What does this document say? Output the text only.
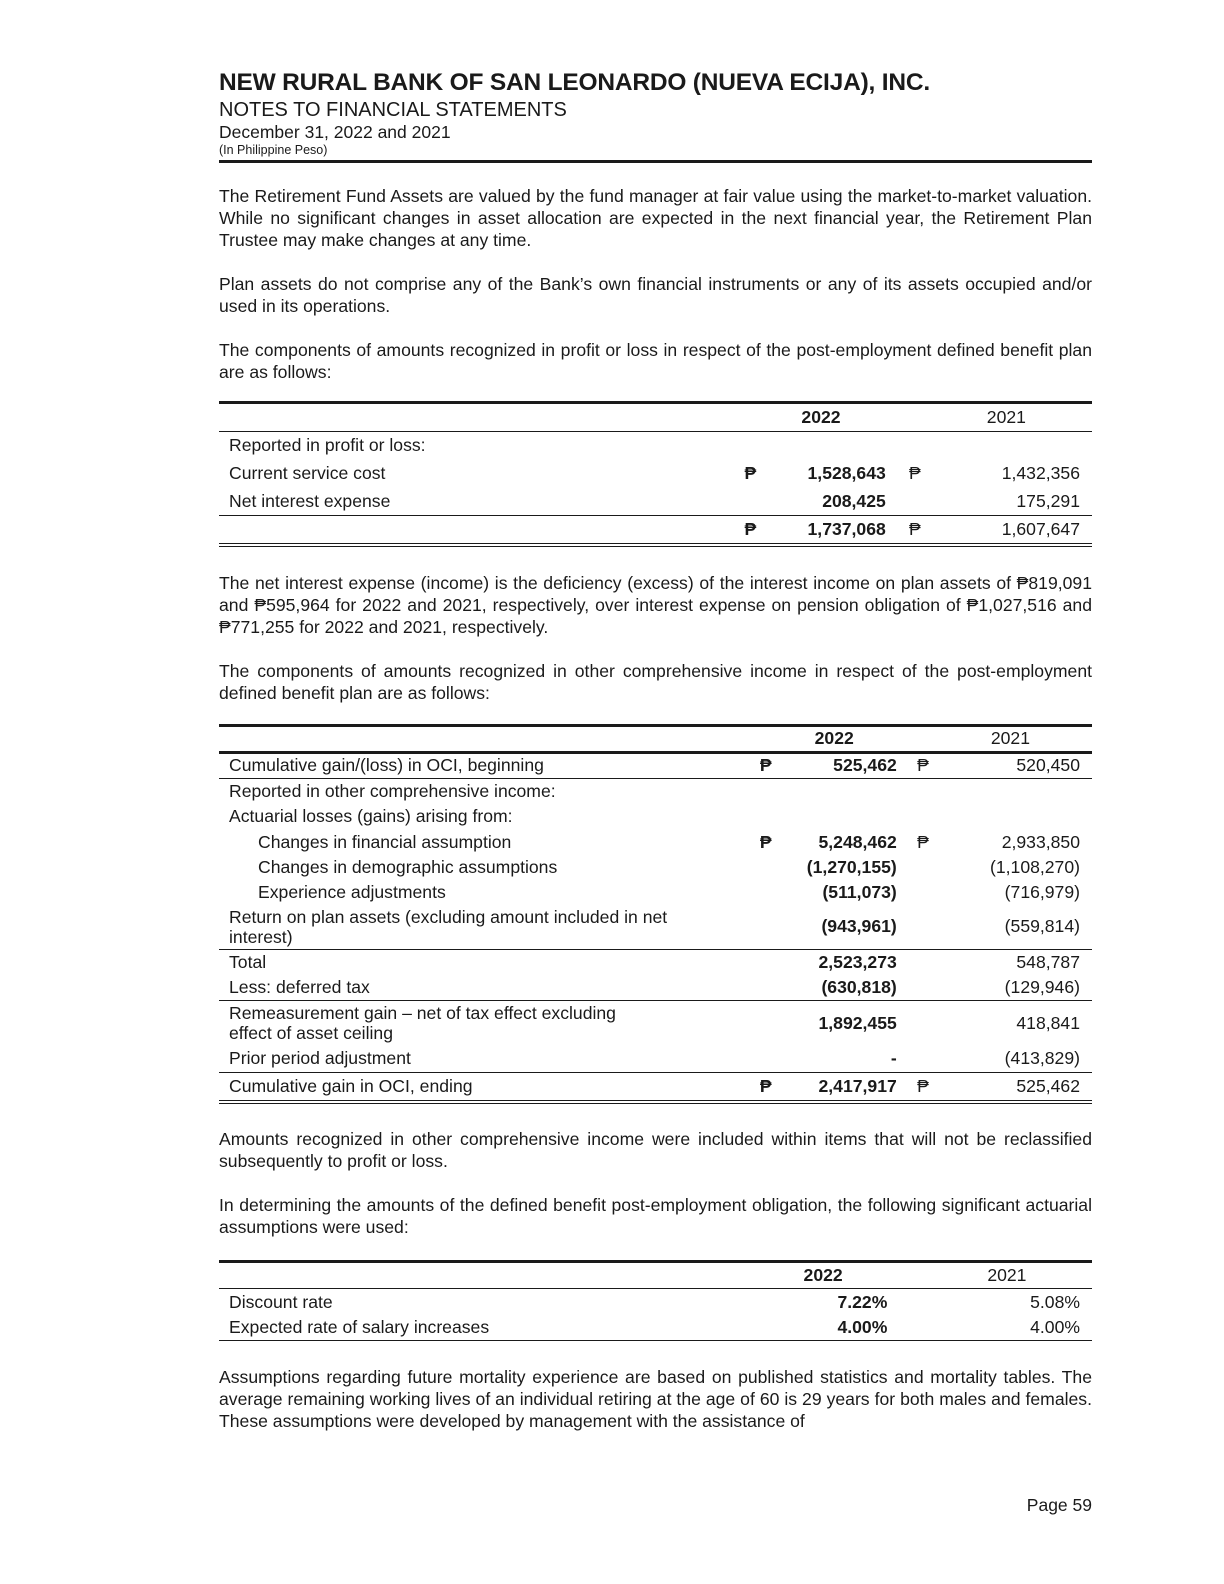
NEW RURAL BANK OF SAN LEONARDO (NUEVA ECIJA), INC.
NOTES TO FINANCIAL STATEMENTS
December 31, 2022 and 2021
(In Philippine Peso)

The Retirement Fund Assets are valued by the fund manager at fair value using the market-to-market valuation. While no significant changes in asset allocation are expected in the next financial year, the Retirement Plan Trustee may make changes at any time.

Plan assets do not comprise any of the Bank’s own financial instruments or any of its assets occupied and/or used in its operations.

The components of amounts recognized in profit or loss in respect of the post-employment defined benefit plan are as follows:

		2022		2021
Reported in profit or loss:				
Current service cost	₱	1,528,643	₱	1,432,356
Net interest expense		208,425		175,291
	₱	1,737,068	₱	1,607,647

The net interest expense (income) is the deficiency (excess) of the interest income on plan assets of ₱819,091 and ₱595,964 for 2022 and 2021, respectively, over interest expense on pension obligation of ₱1,027,516 and ₱771,255 for 2022 and 2021, respectively.

The components of amounts recognized in other comprehensive income in respect of the post-employment defined benefit plan are as follows:

		2022		2021
Cumulative gain/(loss) in OCI, beginning	₱	525,462	₱	520,450
Reported in other comprehensive income:				
Actuarial losses (gains) arising from:				
Changes in financial assumption	₱	5,248,462	₱	2,933,850
Changes in demographic assumptions		(1,270,155)		(1,108,270)
Experience adjustments		(511,073)		(716,979)
Return on plan assets (excluding amount included in net interest)		(943,961)		(559,814)
Total		2,523,273		548,787
Less: deferred tax		(630,818)		(129,946)
Remeasurement gain – net of tax effect excluding effect of asset ceiling		1,892,455		418,841
Prior period adjustment		-		(413,829)
Cumulative gain in OCI, ending	₱	2,417,917	₱	525,462

Amounts recognized in other comprehensive income were included within items that will not be reclassified subsequently to profit or loss.

In determining the amounts of the defined benefit post-employment obligation, the following significant actuarial assumptions were used:

		2022		2021
Discount rate		7.22%		5.08%
Expected rate of salary increases		4.00%		4.00%

Assumptions regarding future mortality experience are based on published statistics and mortality tables. The average remaining working lives of an individual retiring at the age of 60 is 29 years for both males and females. These assumptions were developed by management with the assistance of

Page 59
